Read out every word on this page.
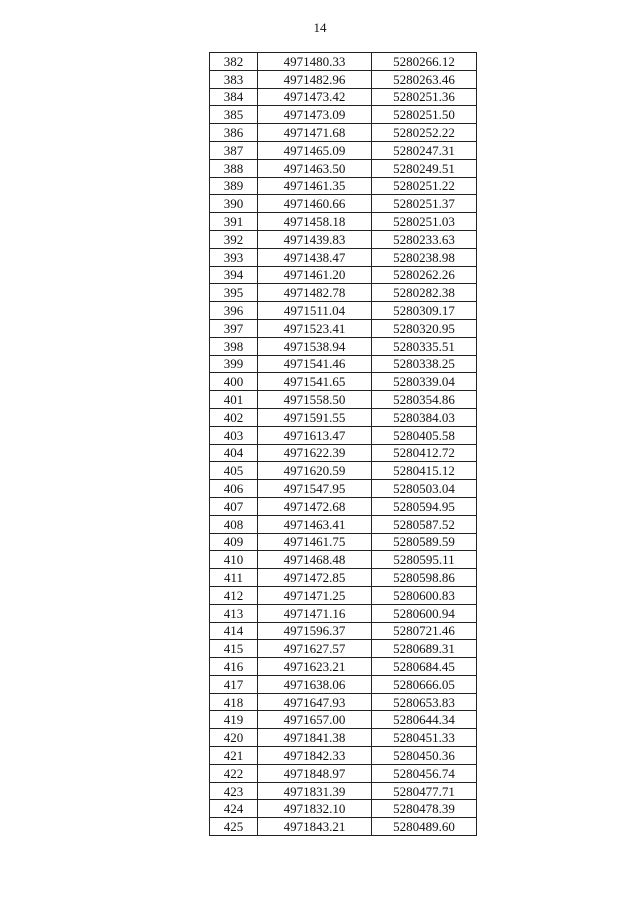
14
382	4971480.33	5280266.12
383	4971482.96	5280263.46
384	4971473.42	5280251.36
385	4971473.09	5280251.50
386	4971471.68	5280252.22
387	4971465.09	5280247.31
388	4971463.50	5280249.51
389	4971461.35	5280251.22
390	4971460.66	5280251.37
391	4971458.18	5280251.03
392	4971439.83	5280233.63
393	4971438.47	5280238.98
394	4971461.20	5280262.26
395	4971482.78	5280282.38
396	4971511.04	5280309.17
397	4971523.41	5280320.95
398	4971538.94	5280335.51
399	4971541.46	5280338.25
400	4971541.65	5280339.04
401	4971558.50	5280354.86
402	4971591.55	5280384.03
403	4971613.47	5280405.58
404	4971622.39	5280412.72
405	4971620.59	5280415.12
406	4971547.95	5280503.04
407	4971472.68	5280594.95
408	4971463.41	5280587.52
409	4971461.75	5280589.59
410	4971468.48	5280595.11
411	4971472.85	5280598.86
412	4971471.25	5280600.83
413	4971471.16	5280600.94
414	4971596.37	5280721.46
415	4971627.57	5280689.31
416	4971623.21	5280684.45
417	4971638.06	5280666.05
418	4971647.93	5280653.83
419	4971657.00	5280644.34
420	4971841.38	5280451.33
421	4971842.33	5280450.36
422	4971848.97	5280456.74
423	4971831.39	5280477.71
424	4971832.10	5280478.39
425	4971843.21	5280489.60
